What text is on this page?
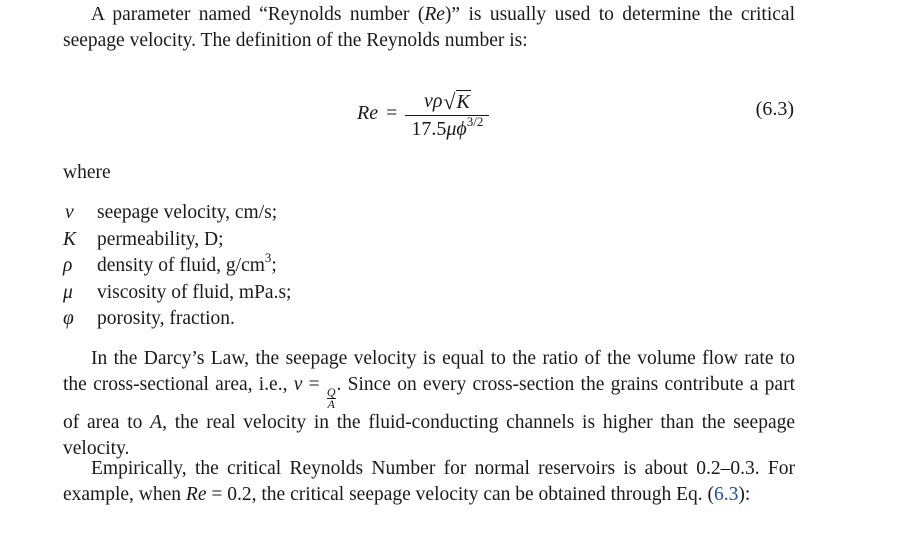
A parameter named “Reynolds number (Re)” is usually used to determine the critical seepage velocity. The definition of the Reynolds number is:

$Re = \frac{v\rho √ K}{17.5\mu\phi^{3/2}}$	(6.3)

where

v seepage velocity, cm/s;
K permeability, D;
ρ density of fluid, $g/cm^3$;
μ viscosity of fluid, mPa.s;
φ porosity, fraction.

In the Darcy’s Law, the seepage velocity is equal to the ratio of the volume flow rate to the cross-sectional area, i.e., v =
$\frac{Q}{A}$
. Since on every cross-section the grains contribute a part of area to A, the real velocity in the fluid-conducting channels is higher than the seepage velocity.

Empirically, the critical Reynolds Number for normal reservoirs is about 0.2–0.3. For example, when Re = 0.2, the critical seepage velocity can be obtained through Eq. (6.3):
